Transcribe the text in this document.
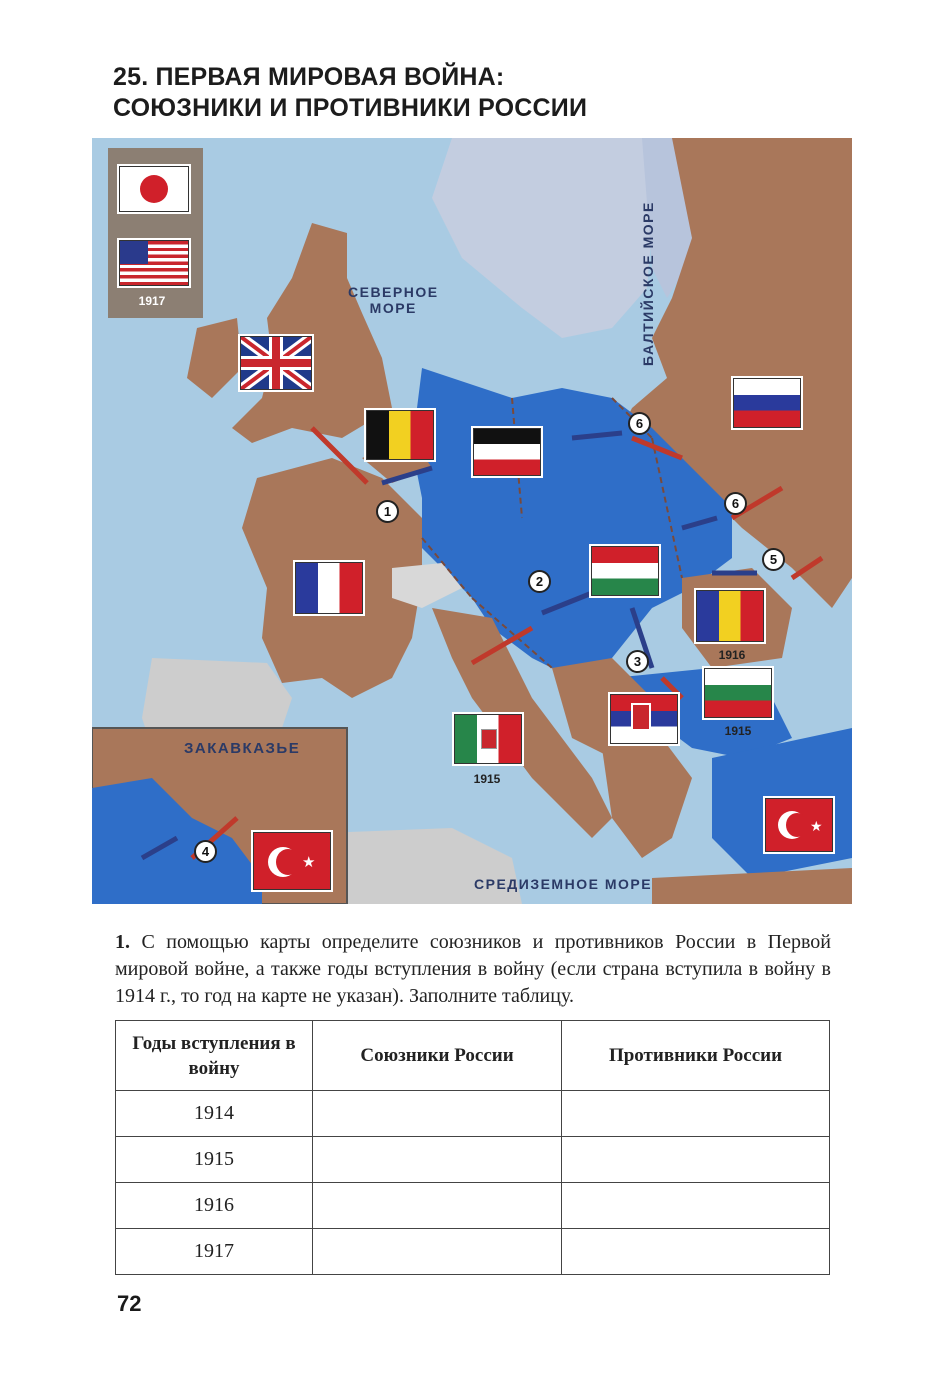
25. ПЕРВАЯ МИРОВАЯ ВОЙНА:
СОЮЗНИКИ И ПРОТИВНИКИ РОССИИ
СЕВЕРНОЕ
МОРЕ	БАЛТИЙСКОЕ МОРЕ
СРЕДИЗЕМНОЕ МОРЕ
ЗАКАВКАЗЬЕ
1917
1916
1915
1915
★
★
1
2
3
4
5
6
6
1. С помощью карты определите союзников и противников России в Первой мировой войне, а также годы вступления в войну (если страна вступила в войну в 1914 г., то год на карте не указан). Заполните таблицу.
Годы вступления в войну	Союзники России	Противники России
1914		
1915		
1916		
1917		
72
